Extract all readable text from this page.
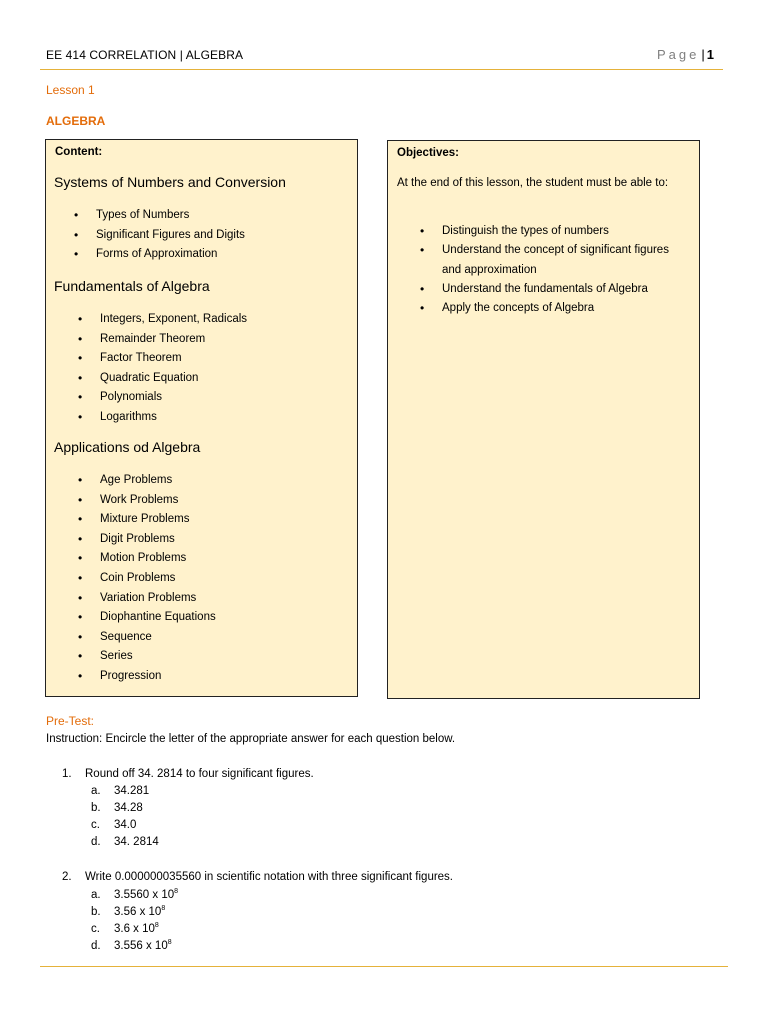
EE 414 CORRELATION | ALGEBRA	Page | 1
Lesson 1
ALGEBRA
Content:
Systems of Numbers and Conversion
• Types of Numbers
• Significant Figures and Digits
• Forms of Approximation
Fundamentals of Algebra
• Integers, Exponent, Radicals
• Remainder Theorem
• Factor Theorem
• Quadratic Equation
• Polynomials
• Logarithms
Applications od Algebra
• Age Problems
• Work Problems
• Mixture Problems
• Digit Problems
• Motion Problems
• Coin Problems
• Variation Problems
• Diophantine Equations
• Sequence
• Series
• Progression
Objectives:
At the end of this lesson, the student must be able to:
• Distinguish the types of numbers
• Understand the concept of significant figures and approximation
• Understand the fundamentals of Algebra
• Apply the concepts of Algebra
Pre-Test:
Instruction: Encircle the letter of the appropriate answer for each question below.
1. Round off 34. 2814 to four significant figures.
a. 34.281
b. 34.28
c. 34.0
d. 34. 2814
2. Write 0.000000035560 in scientific notation with three significant figures.
a. 3.5560 x $10^8$
b. 3.56 x $10^8$
c. 3.6 x $10^8$
d. 3.556 x $10^8$
